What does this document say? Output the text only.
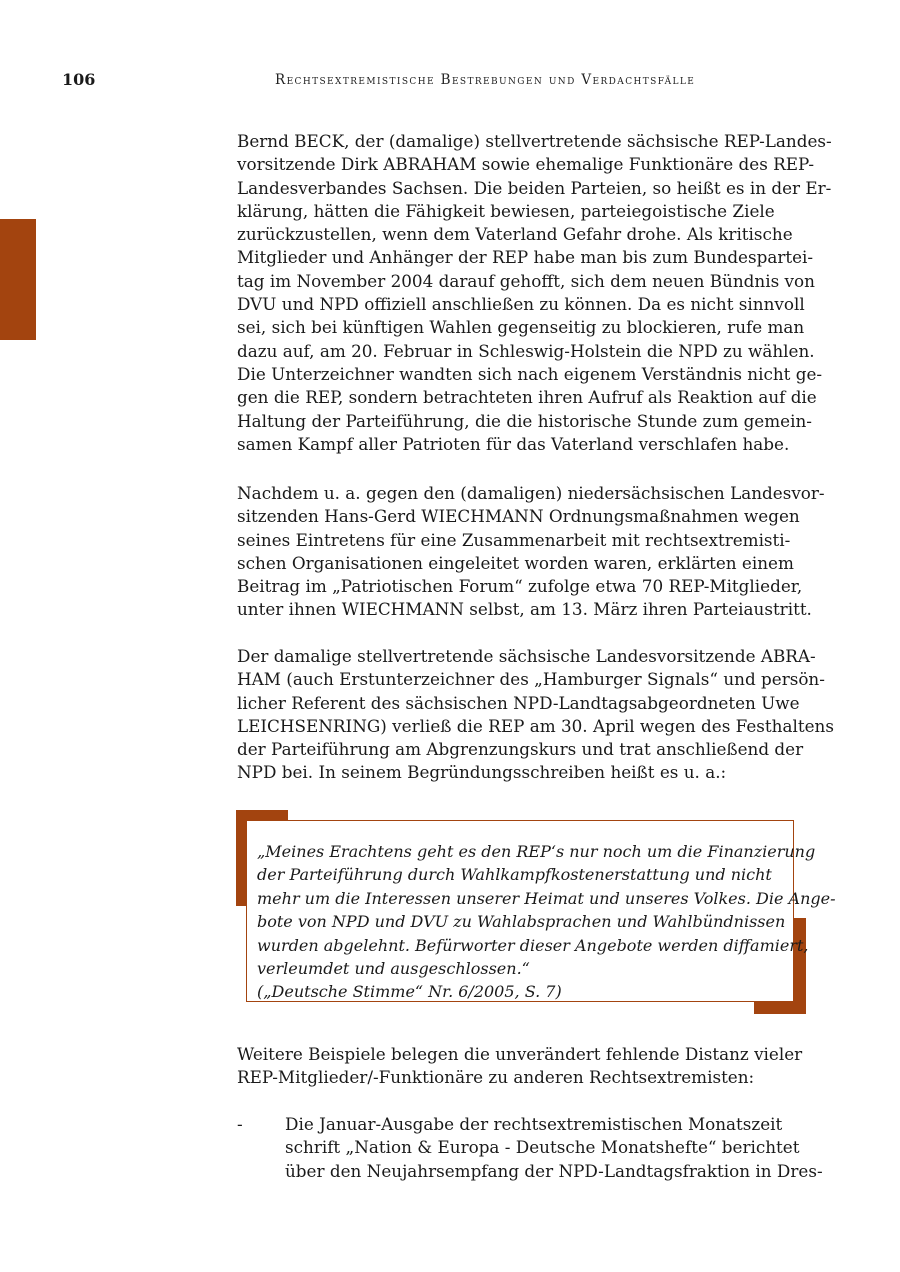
106	Rechtsextremistische Bestrebungen und Verdachtsfälle
Bernd BECK, der (damalige) stellvertretende sächsische REP-Landes-
vorsitzende Dirk ABRAHAM sowie ehemalige Funktionäre des REP-
Landesverbandes Sachsen. Die beiden Parteien, so heißt es in der Er-
klärung, hätten die Fähigkeit bewiesen, parteiegoistische Ziele
zurückzustellen, wenn dem Vaterland Gefahr drohe. Als kritische
Mitglieder und Anhänger der REP habe man bis zum Bundespartei-
tag im November 2004 darauf gehofft, sich dem neuen Bündnis von
DVU und NPD offiziell anschließen zu können. Da es nicht sinnvoll
sei, sich bei künftigen Wahlen gegenseitig zu blockieren, rufe man
dazu auf, am 20. Februar in Schleswig-Holstein die NPD zu wählen.
Die Unterzeichner wandten sich nach eigenem Verständnis nicht ge-
gen die REP, sondern betrachteten ihren Aufruf als Reaktion auf die
Haltung der Parteiführung, die die historische Stunde zum gemein-
samen Kampf aller Patrioten für das Vaterland verschlafen habe.
Nachdem u. a. gegen den (damaligen) niedersächsischen Landesvor-
sitzenden Hans-Gerd WIECHMANN Ordnungsmaßnahmen wegen
seines Eintretens für eine Zusammenarbeit mit rechtsextremisti-
schen Organisationen eingeleitet worden waren, erklärten einem
Beitrag im „Patriotischen Forum“ zufolge etwa 70 REP-Mitglieder,
unter ihnen WIECHMANN selbst, am 13. März ihren Parteiaustritt.
Der damalige stellvertretende sächsische Landesvorsitzende ABRA-
HAM (auch Erstunterzeichner des „Hamburger Signals“ und persön-
licher Referent des sächsischen NPD-Landtagsabgeordneten Uwe
LEICHSENRING) verließ die REP am 30. April wegen des Festhaltens
der Parteiführung am Abgrenzungskurs und trat anschließend der
NPD bei. In seinem Begründungsschreiben heißt es u. a.:
„Meines Erachtens geht es den REP‘s nur noch um die Finanzierung
der Parteiführung durch Wahlkampfkostenerstattung und nicht
mehr um die Interessen unserer Heimat und unseres Volkes. Die Ange-
bote von NPD und DVU zu Wahlabsprachen und Wahlbündnissen
wurden abgelehnt. Befürworter dieser Angebote werden diffamiert,
verleumdet und ausgeschlossen.“
(„Deutsche Stimme“ Nr. 6/2005, S. 7)
Weitere Beispiele belegen die unverändert fehlende Distanz vieler
REP-Mitglieder/-Funktionäre zu anderen Rechtsextremisten:
-	Die Januar-Ausgabe der rechtsextremistischen Monatszeit
schrift „Nation & Europa - Deutsche Monatshefte“ berichtet
über den Neujahrsempfang der NPD-Landtagsfraktion in Dres-
